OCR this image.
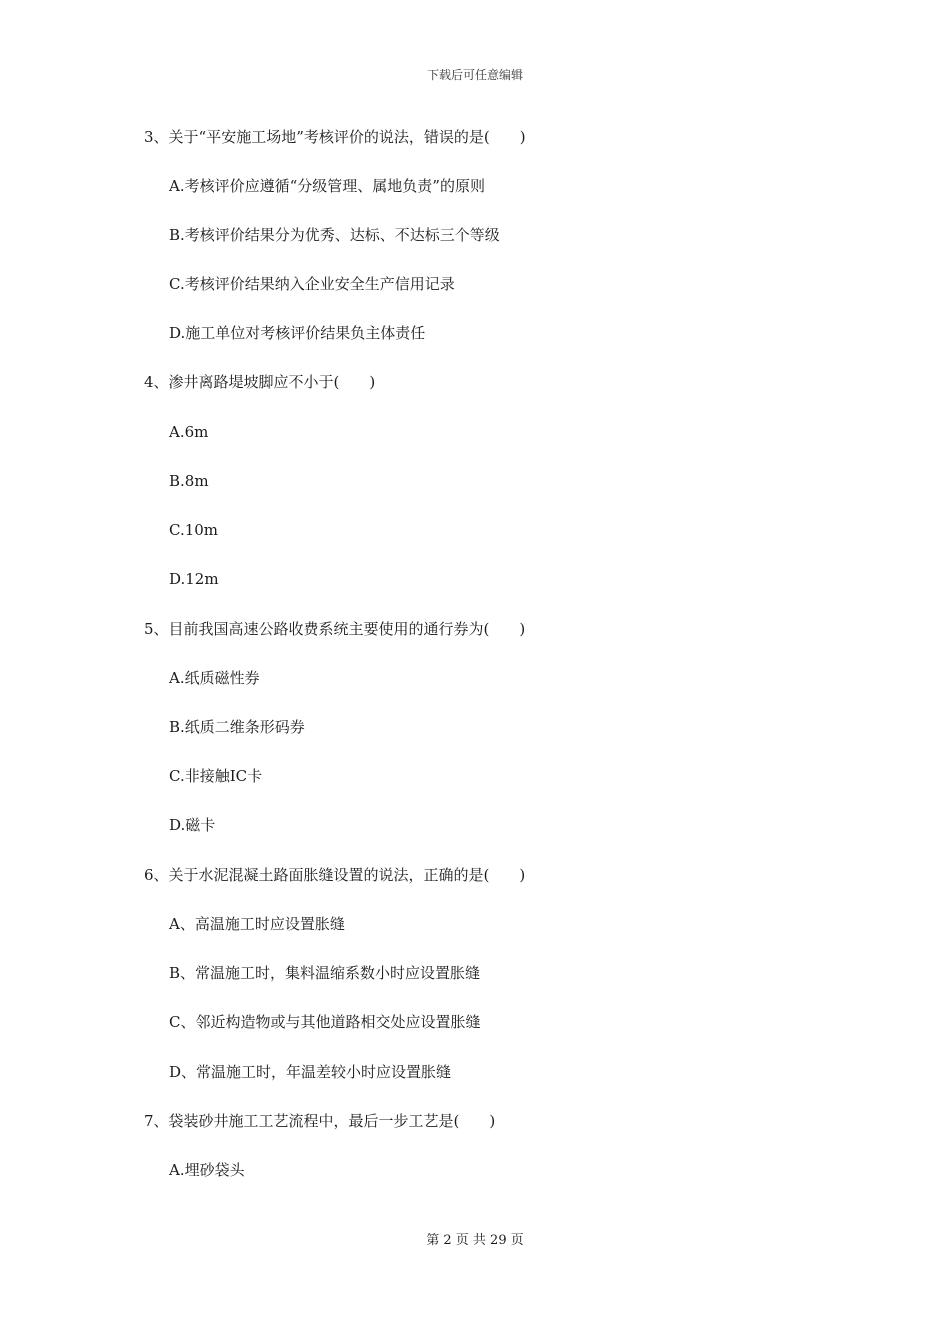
下载后可任意编辑
3、关于“平安施工场地”考核评价的说法，错误的是(　　)
A.考核评价应遵循“分级管理、属地负责”的原则
B.考核评价结果分为优秀、达标、不达标三个等级
C.考核评价结果纳入企业安全生产信用记录
D.施工单位对考核评价结果负主体责任
4、渗井离路堤坡脚应不小于(　　)
A.6m
B.8m
C.10m
D.12m
5、目前我国高速公路收费系统主要使用的通行券为(　　)
A.纸质磁性券
B.纸质二维条形码券
C.非接触IC卡
D.磁卡
6、关于水泥混凝土路面胀缝设置的说法，正确的是(　　)
A、高温施工时应设置胀缝
B、常温施工时，集料温缩系数小时应设置胀缝
C、邻近构造物或与其他道路相交处应设置胀缝
D、常温施工时，年温差较小时应设置胀缝
7、袋装砂井施工工艺流程中，最后一步工艺是(　　)
A.埋砂袋头
第 2 页 共 29 页
